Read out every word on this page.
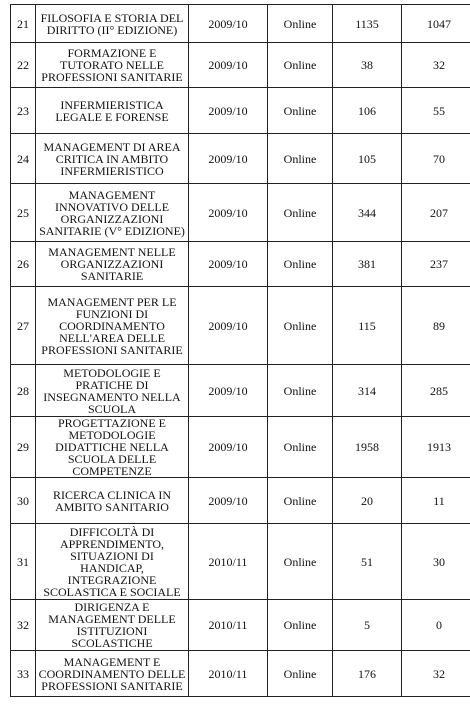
21	FILOSOFIA E STORIA DEL DIRITTO (II° EDIZIONE)	2009/10	Online	1135	1047
22	FORMAZIONE E TUTORATO NELLE PROFESSIONI SANITARIE	2009/10	Online	38	32
23	INFERMIERISTICA LEGALE E FORENSE	2009/10	Online	106	55
24	MANAGEMENT DI AREA CRITICA IN AMBITO INFERMIERISTICO	2009/10	Online	105	70
25	MANAGEMENT INNOVATIVO DELLE ORGANIZZAZIONI SANITARIE (V° EDIZIONE)	2009/10	Online	344	207
26	MANAGEMENT NELLE ORGANIZZAZIONI SANITARIE	2009/10	Online	381	237
27	MANAGEMENT PER LE FUNZIONI DI COORDINAMENTO NELL'AREA DELLE PROFESSIONI SANITARIE	2009/10	Online	115	89
28	METODOLOGIE E PRATICHE DI INSEGNAMENTO NELLA SCUOLA	2009/10	Online	314	285
29	PROGETTAZIONE E METODOLOGIE DIDATTICHE NELLA SCUOLA DELLE COMPETENZE	2009/10	Online	1958	1913
30	RICERCA CLINICA IN AMBITO SANITARIO	2009/10	Online	20	11
31	DIFFICOLTÀ DI APPRENDIMENTO, SITUAZIONI DI HANDICAP, INTEGRAZIONE SCOLASTICA E SOCIALE	2010/11	Online	51	30
32	DIRIGENZA E MANAGEMENT DELLE ISTITUZIONI SCOLASTICHE	2010/11	Online	5	0
33	MANAGEMENT E COORDINAMENTO DELLE PROFESSIONI SANITARIE	2010/11	Online	176	32
